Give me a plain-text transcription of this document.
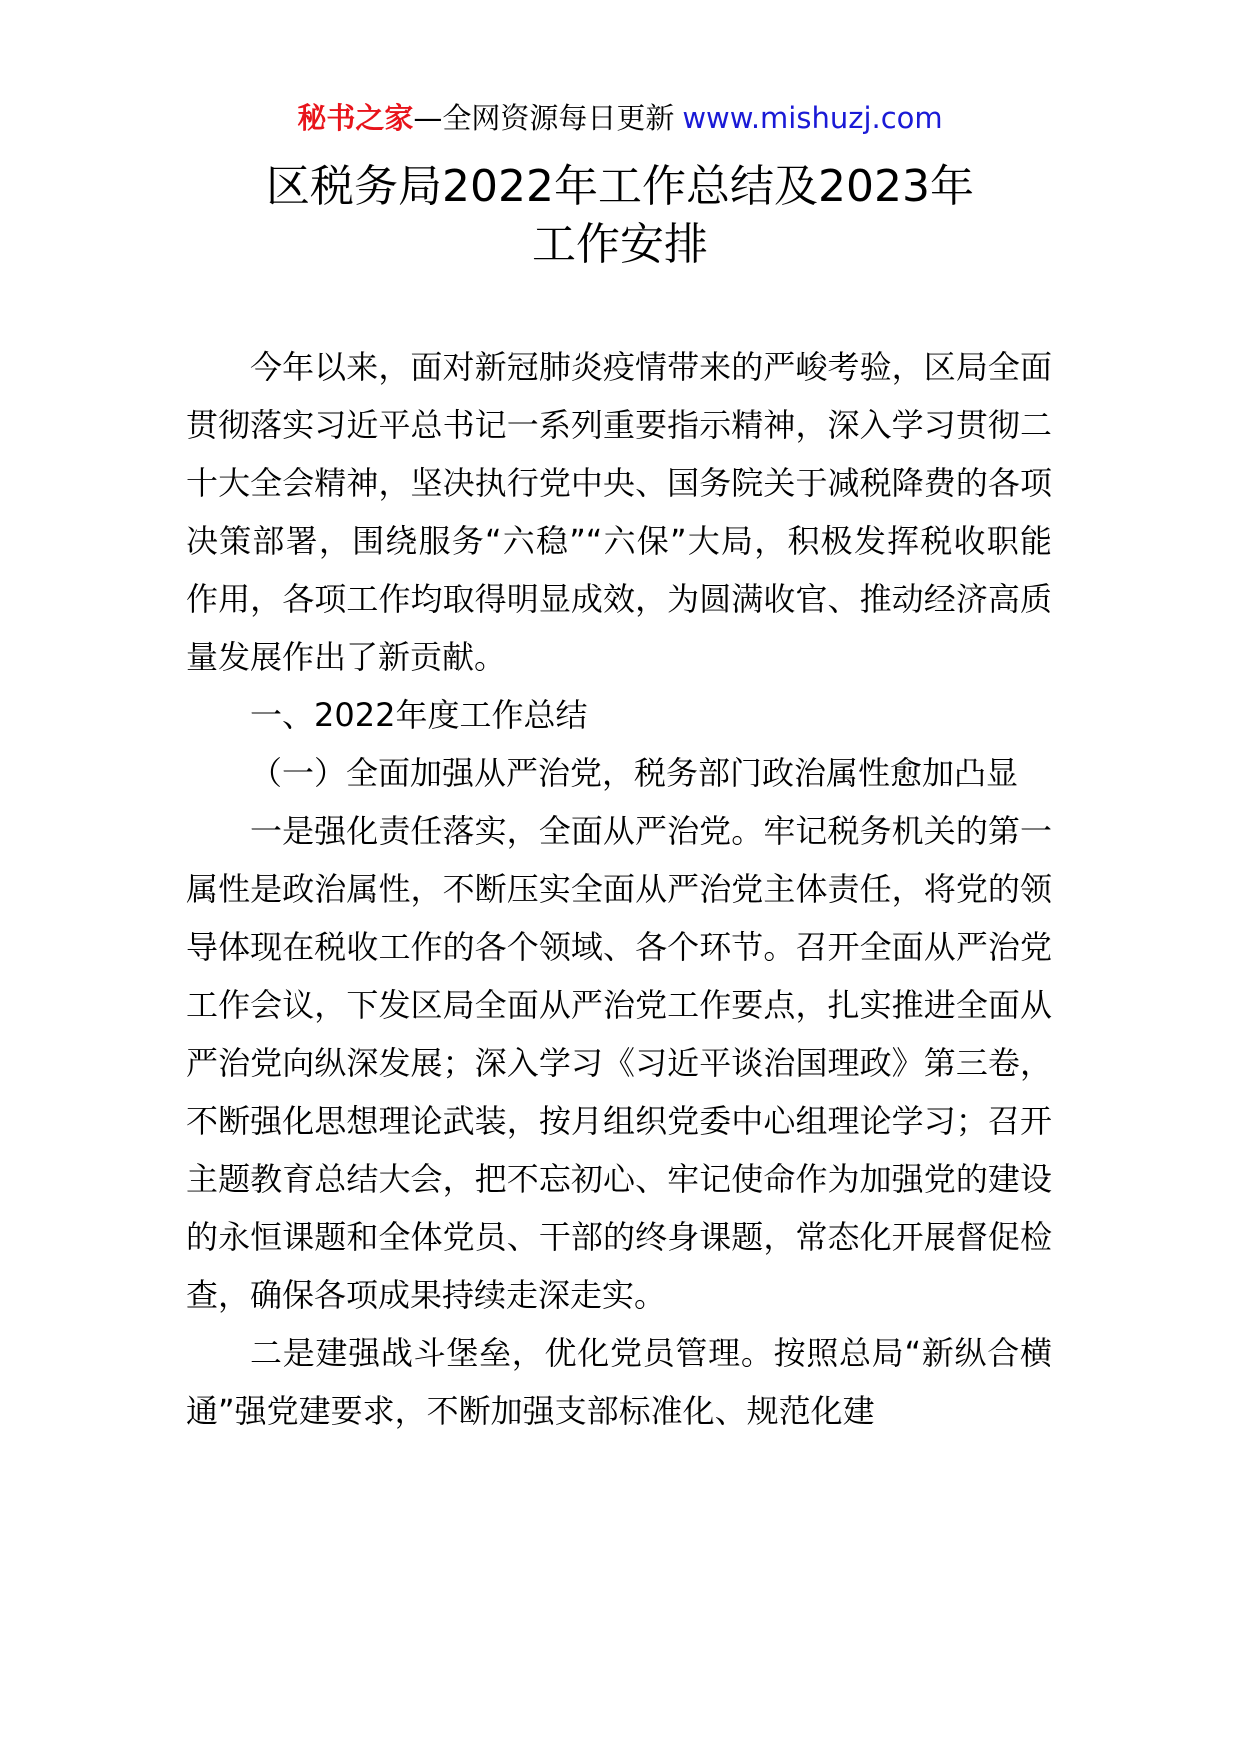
秘书之家—全网资源每日更新 www.mishuzj.com
区税务局2022年工作总结及2023年
工作安排

今年以来，面对新冠肺炎疫情带来的严峻考验，区局全面贯彻落实习近平总书记一系列重要指示精神，深入学习贯彻二十大全会精神，坚决执行党中央、国务院关于减税降费的各项决策部署，围绕服务“六稳”“六保”大局，积极发挥税收职能作用，各项工作均取得明显成效，为圆满收官、推动经济高质量发展作出了新贡献。

一、2022年度工作总结

（一）全面加强从严治党，税务部门政治属性愈加凸显

一是强化责任落实，全面从严治党。牢记税务机关的第一属性是政治属性，不断压实全面从严治党主体责任，将党的领导体现在税收工作的各个领域、各个环节。召开全面从严治党工作会议，下发区局全面从严治党工作要点，扎实推进全面从严治党向纵深发展；深入学习《习近平谈治国理政》第三卷，不断强化思想理论武装，按月组织党委中心组理论学习；召开主题教育总结大会，把不忘初心、牢记使命作为加强党的建设的永恒课题和全体党员、干部的终身课题，常态化开展督促检查，确保各项成果持续走深走实。

二是建强战斗堡垒，优化党员管理。按照总局“新纵合横通”强党建要求，不断加强支部标准化、规范化建
